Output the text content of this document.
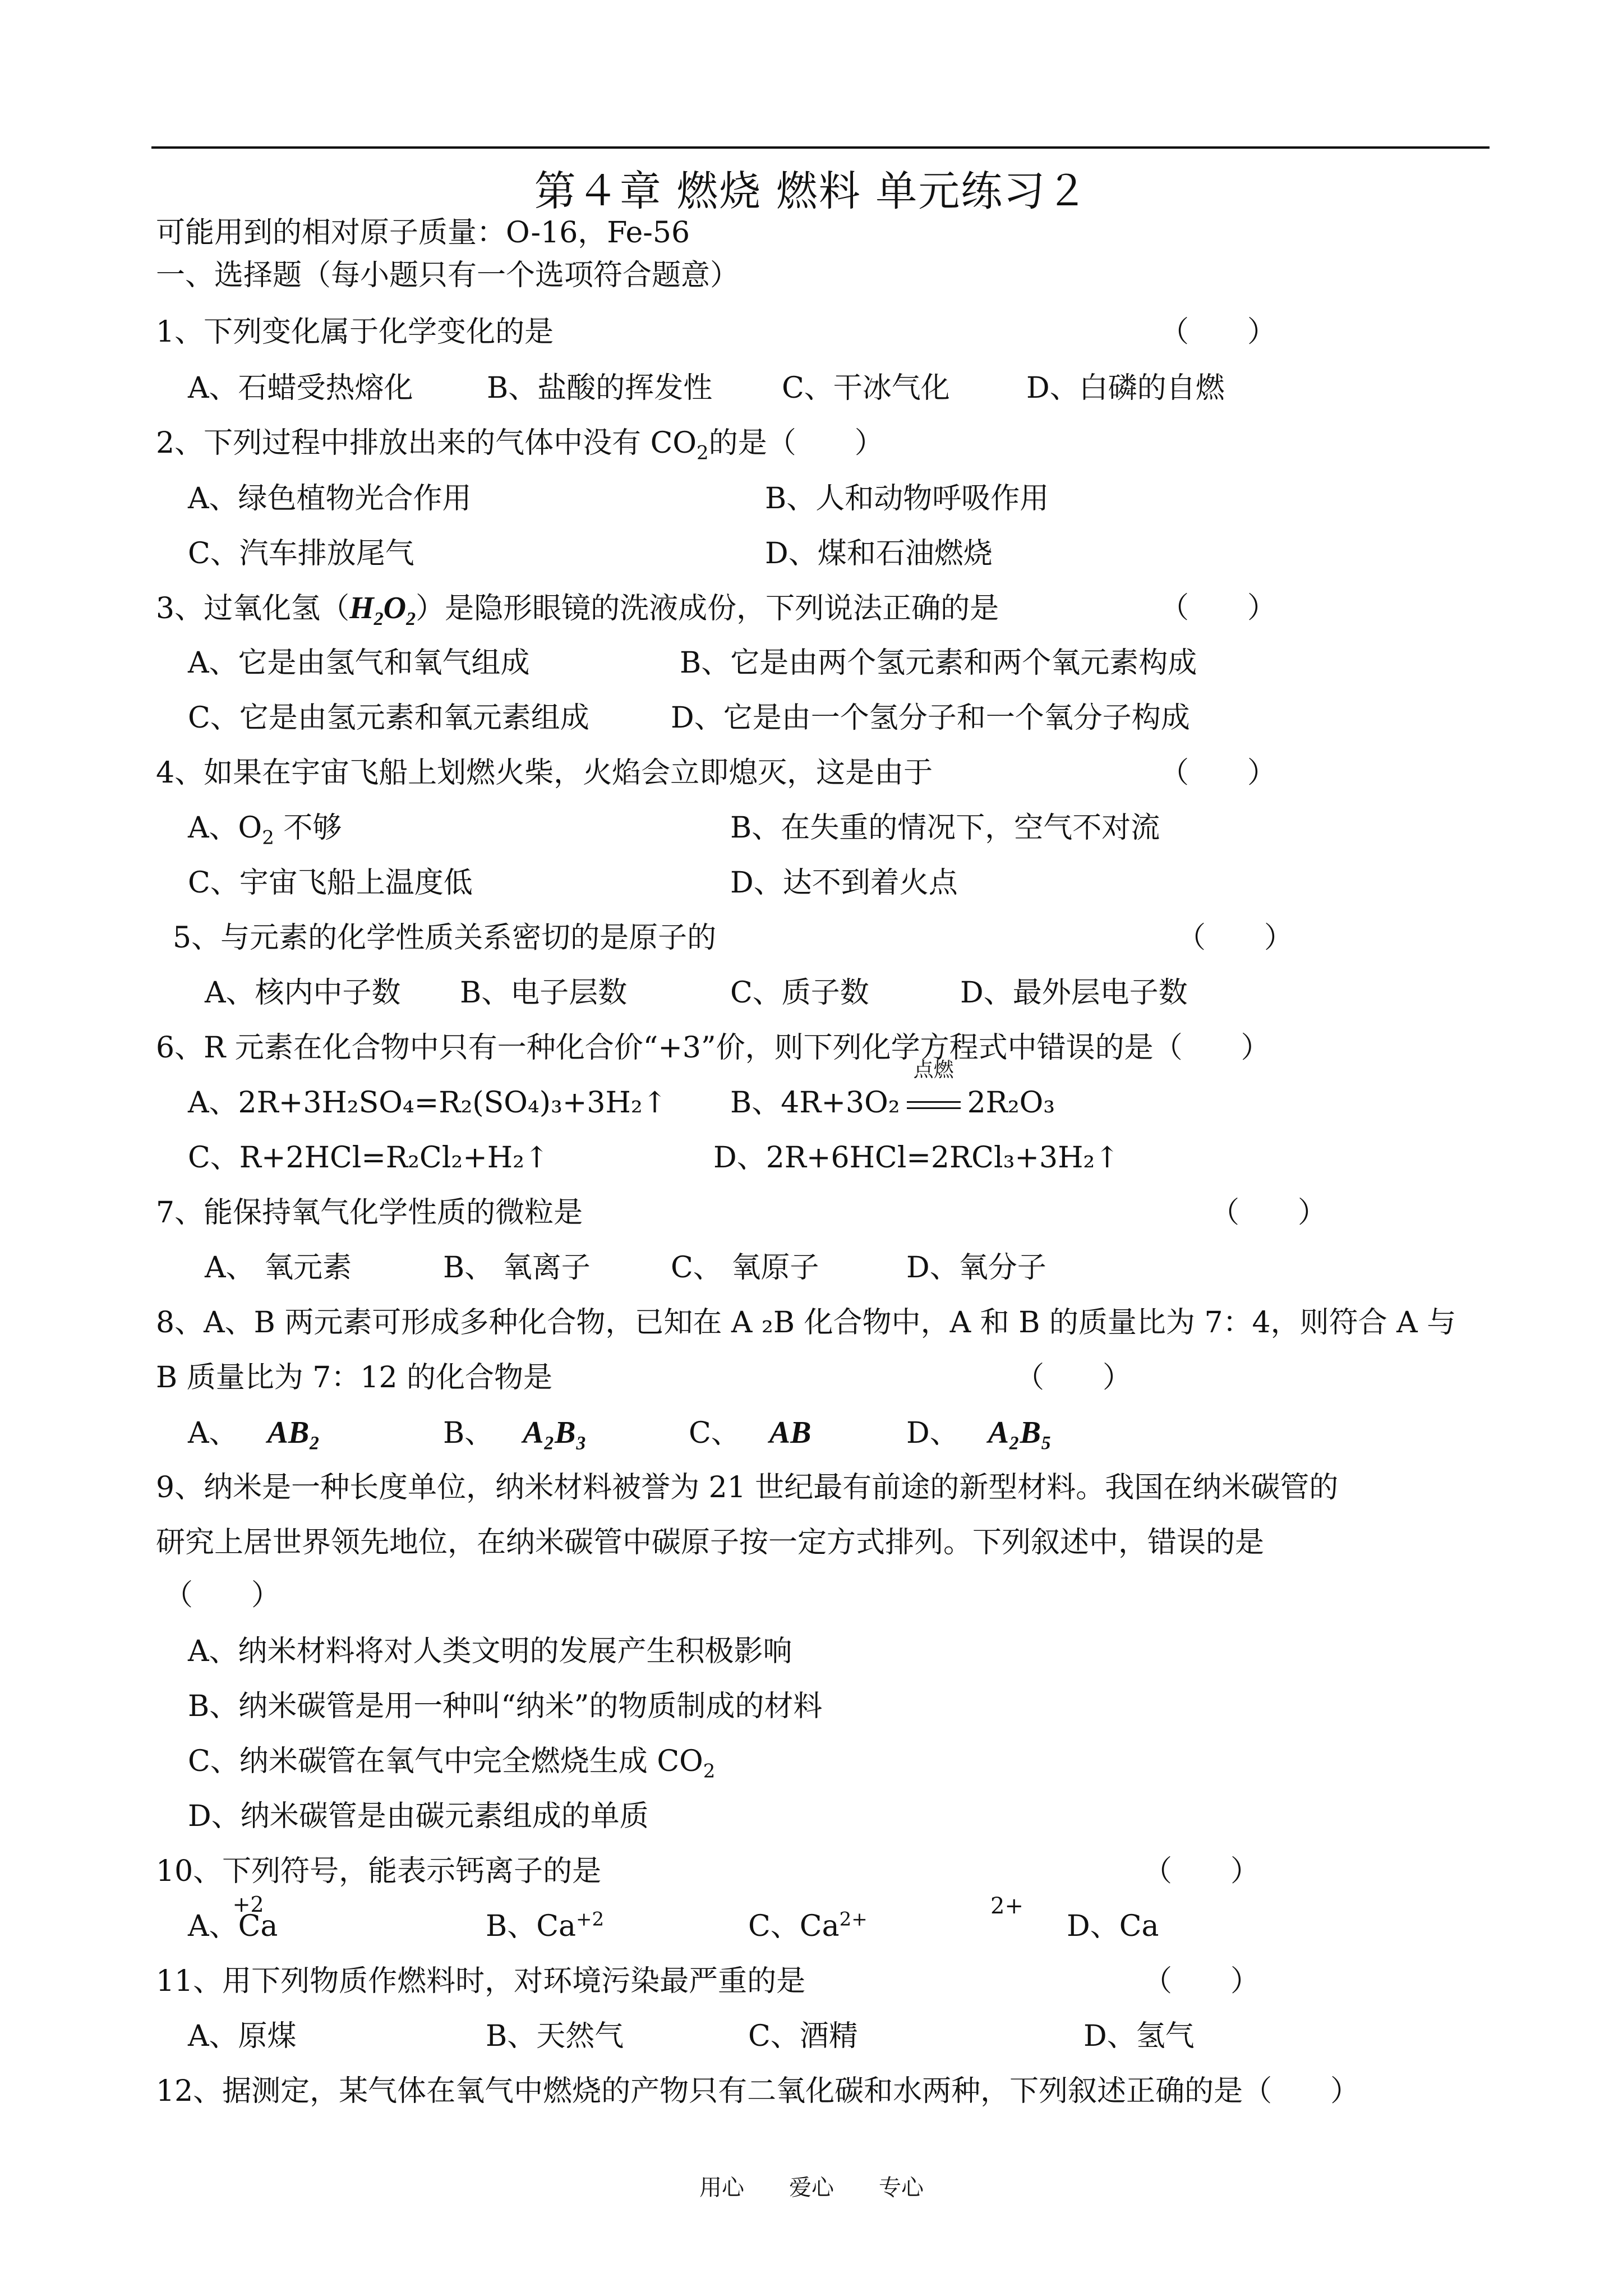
第４章 燃烧 燃料 单元练习２
可能用到的相对原子质量：O-16，Fe-56
一、选择题（每小题只有一个选项符合题意）
1、下列变化属于化学变化的是	（　　）
A、石蜡受热熔化	B、盐酸的挥发性 C、干冰气化	D、白磷的自燃
2、下列过程中排放出来的气体中没有 $CO_2$的是（　　）
A、绿色植物光合作用	B、人和动物呼吸作用
C、汽车排放尾气	D、煤和石油燃烧
3、过氧化氢$(H_2O_2)$是隐形眼镜的洗液成份，下列说法正确的是	（　　）
A、它是由氢气和氧气组成	B、它是由两个氢元素和两个氧元素构成
C、它是由氢元素和氧元素组成	D、它是由一个氢分子和一个氧分子构成
4、如果在宇宙飞船上划燃火柴，火焰会立即熄灭，这是由于	（　　）
A、$O_2$ 不够	B、在失重的情况下，空气不对流
C、宇宙飞船上温度低	D、达不到着火点
5、与元素的化学性质关系密切的是原子的	（　　）
A、核内中子数 B、电子层数	C、质子数	D、最外层电子数
6、R 元素在化合物中只有一种化合价“+3”价，则下列化学方程式中错误的是（　　）
A、2R+3H₂SO₄=R₂(SO₄)₃+3H₂↑ B、4R+3O₂
点燃
2R₂O₃
C、R+2HCl=R₂Cl₂+H₂↑	D、2R+6HCl=2RCl₃+3H₂↑
7、能保持氧气化学性质的微粒是	（　　）
A、 氧元素	B、 氧离子	C、 氧原子	D、氧分子
8、A、B 两元素可形成多种化合物，已知在 A ₂B 化合物中，A 和 B 的质量比为 7：4，则符合 A 与
B 质量比为 7：12 的化合物是	（　　）
A、  AB₂	B、  A₂B₃	C、  AB	D、  A₂B₅
9、纳米是一种长度单位，纳米材料被誉为 21 世纪最有前途的新型材料。我国在纳米碳管的
研究上居世界领先地位，在纳米碳管中碳原子按一定方式排列。下列叙述中，错误的是
（　　）
A、纳米材料将对人类文明的发展产生积极影响
B、纳米碳管是用一种叫“纳米”的物质制成的材料
C、纳米碳管在氧气中完全燃烧生成 $CO_2$
D、纳米碳管是由碳元素组成的单质
10、下列符号，能表示钙离子的是	（　　）
A、
+2
Ca	B、$Ca^{+2}$	C、$Ca^{2+}$
2+
D、Ca
11、用下列物质作燃料时，对环境污染最严重的是	（　　）
A、原煤	B、天然气	C、酒精	D、氢气
12、据测定，某气体在氧气中燃烧的产物只有二氧化碳和水两种，下列叙述正确的是（　　）
用心　　爱心　　专心
